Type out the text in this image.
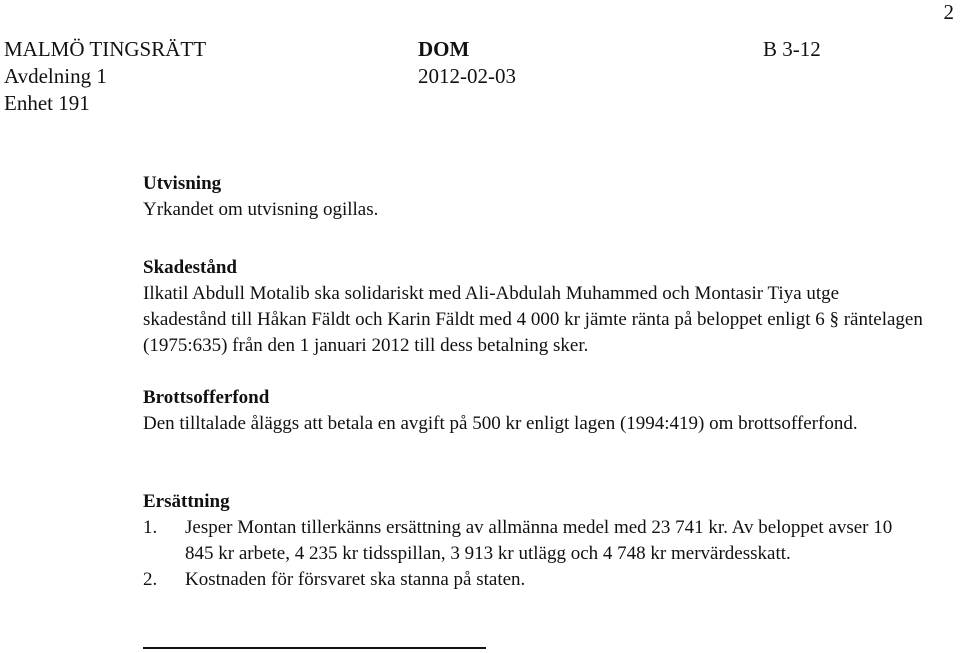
2
MALMÖ TINGSRÄTT
Avdelning 1
Enhet 191
DOM
2012-02-03
B 3-12
Utvisning

Yrkandet om utvisning ogillas.

Skadestånd

Ilkatil Abdull Motalib ska solidariskt med Ali-Abdulah Muhammed och Montasir Tiya utge skadestånd till Håkan Fäldt och Karin Fäldt med 4 000 kr jämte ränta på beloppet enligt 6 § räntelagen (1975:635) från den 1 januari 2012 till dess betalning sker.

Brottsofferfond

Den tilltalade åläggs att betala en avgift på 500 kr enligt lagen (1994:419) om brottsofferfond.

Ersättning
1.	Jesper Montan tillerkänns ersättning av allmänna medel med 23 741 kr. Av beloppet avser 10 845 kr arbete, 4 235 kr tidsspillan, 3 913 kr utlägg och 4 748 kr mervärdesskatt.
2.	Kostnaden för försvaret ska stanna på staten.
